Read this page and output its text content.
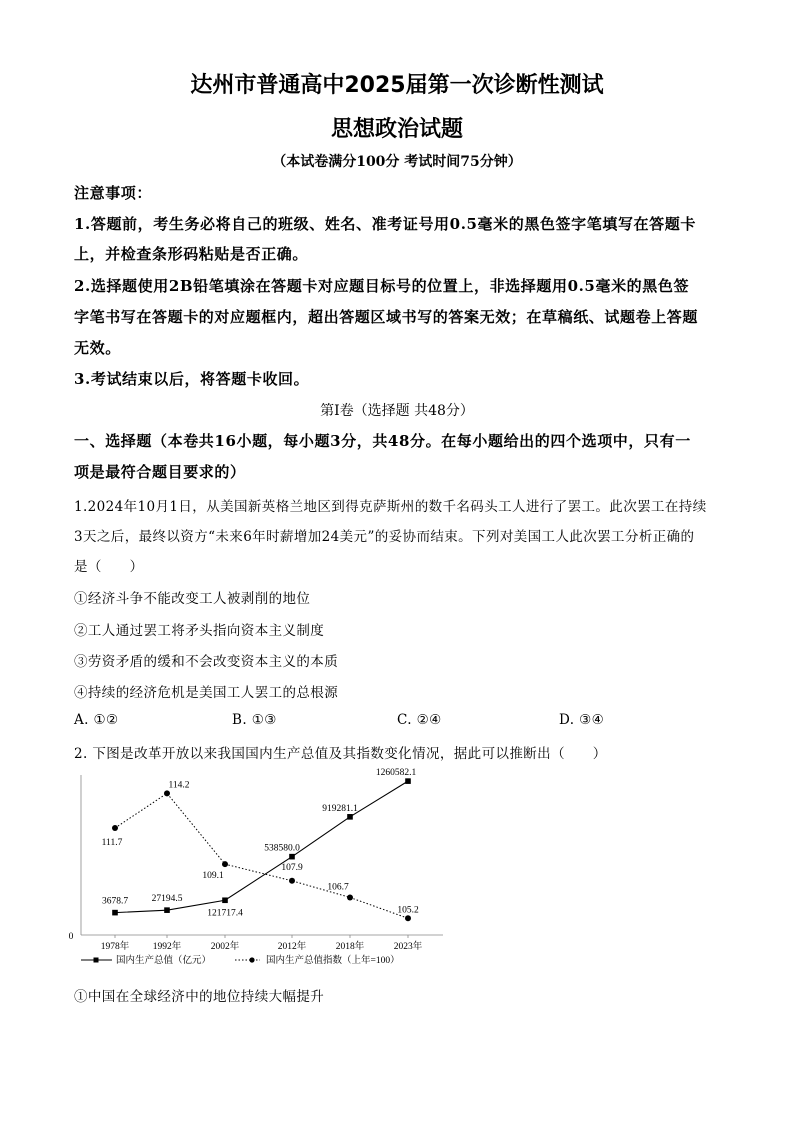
达州市普通高中2025届第一次诊断性测试
思想政治试题
（本试卷满分100分 考试时间75分钟）
注意事项：
1.答题前，考生务必将自己的班级、姓名、准考证号用0.5毫米的黑色签字笔填写在答题卡
上，并检查条形码粘贴是否正确。
2.选择题使用2B铅笔填涂在答题卡对应题目标号的位置上，非选择题用0.5毫米的黑色签
字笔书写在答题卡的对应题框内，超出答题区域书写的答案无效；在草稿纸、试题卷上答题
无效。
3.考试结束以后，将答题卡收回。
第Ⅰ卷（选择题 共48分）
一、选择题（本卷共16小题，每小题3分，共48分。在每小题给出的四个选项中，只有一
项是最符合题目要求的）
1.2024年10月1日，从美国新英格兰地区到得克萨斯州的数千名码头工人进行了罢工。此次罢工在持续
3天之后，最终以资方“未来6年时薪增加24美元”的妥协而结束。下列对美国工人此次罢工分析正确的
是（　　）
①经济斗争不能改变工人被剥削的地位
②工人通过罢工将矛头指向资本主义制度
③劳资矛盾的缓和不会改变资本主义的本质
④持续的经济危机是美国工人罢工的总根源
A. ①②	B. ①③	C. ②④	D. ③④
2. 下图是改革开放以来我国国内生产总值及其指数变化情况，据此可以推断出（　　）
0
1978年 1992年	2002年	2012年	2018年	2023年
3678.7 27194.5
121717.4
538580.0
919281.1
1260582.1
111.7
114.2
109.1
107.9
106.7
105.2
国内生产总值（亿元）	国内生产总值指数（上年=100）
①中国在全球经济中的地位持续大幅提升
